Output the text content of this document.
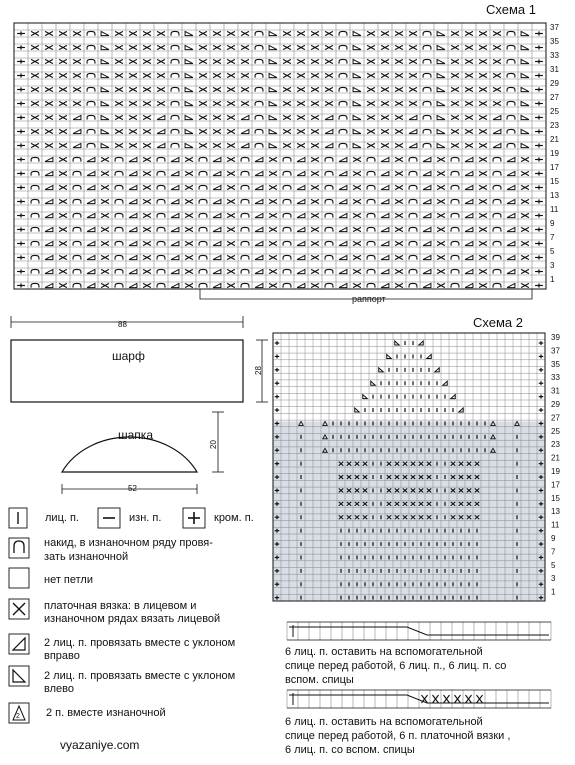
37
35
33
31
29
27
25
23
21
19
17
15
13
11
9
7
5
3
1
39
37
35
33
31
29
27
25
23
21
19
17
15
13
11
9
7
5
3
1
2
Схема 1
Схема 2
раппорт
шарф
88
28
шапка
52
20
лиц. п.	изн. п.	кром. п.
накид, в изнаночном ряду провя-
зать изнаночной
нет петли
платочная вязка: в лицевом и
изнаночном рядах вязать лицевой
2 лиц. п. провязать вместе с уклоном
вправо
2 лиц. п. провязать вместе с уклоном
влево
2 п. вместе изнаночной
vyazaniye.com
6 лиц. п. оставить на вспомогательной
спице перед работой, 6 лиц. п., 6 лиц. п. со
вспом. спицы
6 лиц. п. оставить на вспомогательной
спице перед работой, 6 п. платочной вязки ,
6 лиц. п. со вспом. спицы
